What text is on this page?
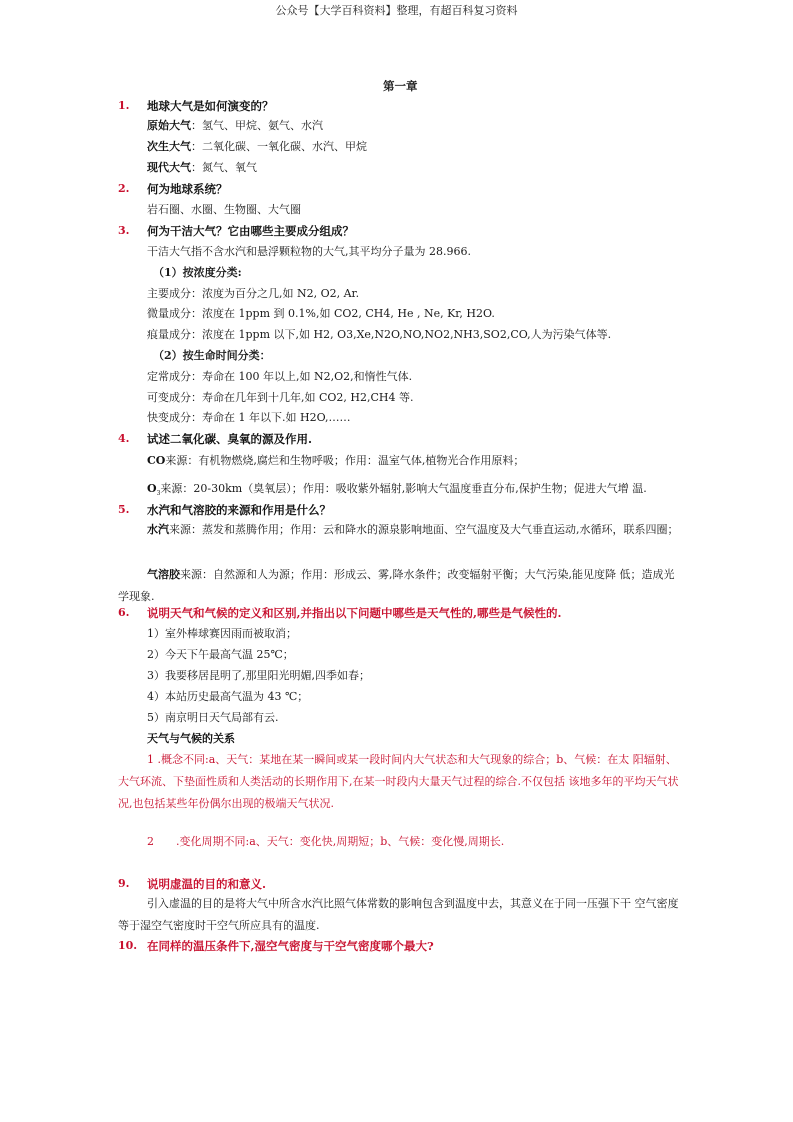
公众号【大学百科资料】整理，有超百科复习资料
第一章
1.	地球大气是如何演变的？
原始大气：氢气、甲烷、氨气、水汽
次生大气：二氧化碳、一氧化碳、水汽、甲烷
现代大气：氮气、氧气
2.	何为地球系统？
岩石圈、水圈、生物圈、大气圈
3.	何为干洁大气？它由哪些主要成分组成？
干洁大气指不含水汽和悬浮颗粒物的大气,其平均分子量为 28.966.
（1）按浓度分类:
主要成分：浓度为百分之几,如 N2, O2, Ar.
微量成分：浓度在 1ppm 到 0.1%,如 CO2, CH4, He , Ne, Kr, H2O.
痕量成分：浓度在 1ppm 以下,如 H2, O3,Xe,N2O,NO,NO2,NH3,SO2,CO,人为污染气体等.
（2）按生命时间分类：
定常成分：寿命在 100 年以上,如 N2,O2,和惰性气体.
可变成分：寿命在几年到十几年,如 CO2, H2,CH4 等.
快变成分：寿命在 1 年以下.如 H2O,……
4.	试述二氧化碳、臭氧的源及作用.
CO来源：有机物燃烧,腐烂和生物呼吸；作用：温室气体,植物光合作用原料；
$O_3$来源：20-30km（臭氧层）；作用：吸收紫外辐射,影响大气温度垂直分布,保护生物；促进大气增 温.
5.	水汽和气溶胶的来源和作用是什么？
水汽来源：蒸发和蒸腾作用；作用：云和降水的源泉影响地面、空气温度及大气垂直运动,水循环，联系四圈；
气溶胶来源：自然源和人为源；作用：形成云、雾,降水条件；改变辐射平衡；大气污染,能见度降 低；造成光学现象.
6.	说明天气和气候的定义和区别,并指出以下问题中哪些是天气性的,哪些是气候性的.
1）室外棒球赛因雨而被取消；
2）今天下午最高气温 25℃；
3）我要移居昆明了,那里阳光明媚,四季如春；
4）本站历史最高气温为 43 ℃；
5）南京明日天气局部有云.
天气与气候的关系
1 .概念不同:a、天气：某地在某一瞬间或某一段时间内大气状态和大气现象的综合；b、气候：在太 阳辐射、大气环流、下垫面性质和人类活动的长期作用下,在某一时段内大量天气过程的综合.不仅包括 该地多年的平均天气状况,也包括某些年份偶尔出现的极端天气状况.
2 .变化周期不同:a、天气：变化快,周期短；b、气候：变化慢,周期长.
9.	说明虚温的目的和意义.
引入虚温的目的是将大气中所含水汽比照气体常数的影响包含到温度中去，其意义在于同一压强下干 空气密度等于湿空气密度时干空气所应具有的温度.
10. 在同样的温压条件下,湿空气密度与干空气密度哪个最大?
